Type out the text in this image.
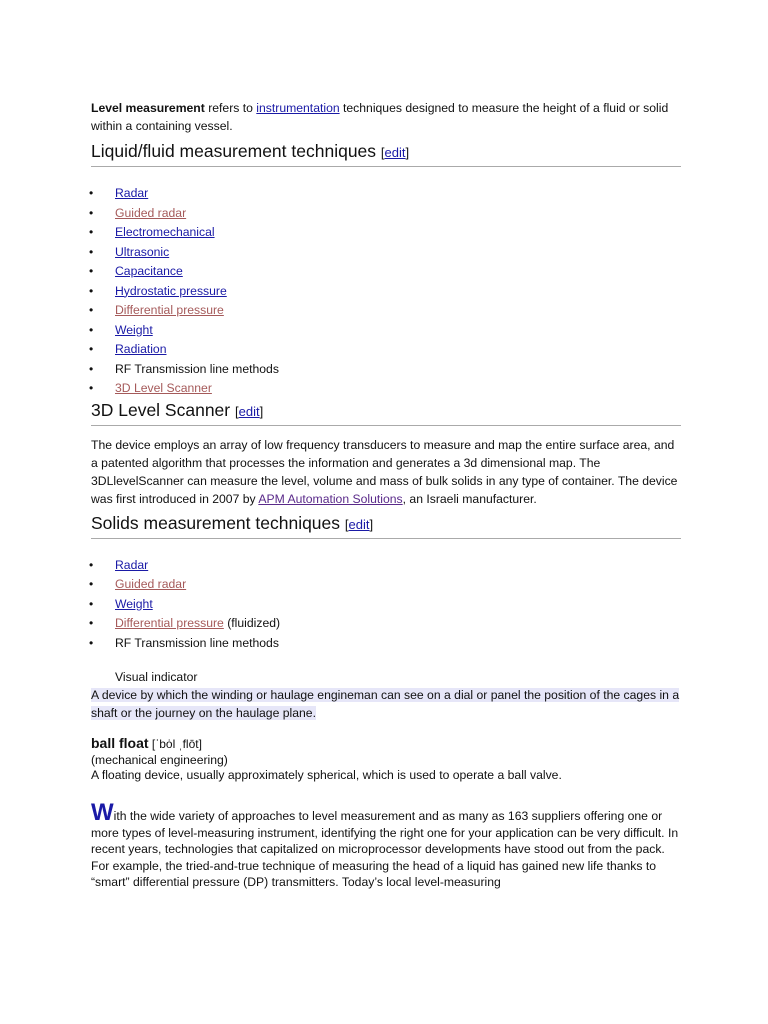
Level measurement refers to instrumentation techniques designed to measure the height of a fluid or solid within a containing vessel.

Liquid/fluid measurement techniques [edit]
• Radar
• Guided radar
• Electromechanical
• Ultrasonic
• Capacitance
• Hydrostatic pressure
• Differential pressure
• Weight
• Radiation
• RF Transmission line methods
• 3D Level Scanner
3D Level Scanner [edit]

The device employs an array of low frequency transducers to measure and map the entire surface area, and a patented algorithm that processes the information and generates a 3d dimensional map. The 3DLlevelScanner can measure the level, volume and mass of bulk solids in any type of container. The device was first introduced in 2007 by APM Automation Solutions, an Israeli manufacturer.

Solids measurement techniques [edit]
• Radar
• Guided radar
• Weight
• Differential pressure (fluidized)
• RF Transmission line methods

Visual indicator

A device by which the winding or haulage engineman can see on a dial or panel the position of the cages in a shaft or the journey on the haulage plane.

ball float [ˈbȯl ˌflōt]

(mechanical engineering)

A floating device, usually approximately spherical, which is used to operate a ball valve.

With the wide variety of approaches to level measurement and as many as 163 suppliers offering one or more types of level-measuring instrument, identifying the right one for your application can be very difficult. In recent years, technologies that capitalized on microprocessor developments have stood out from the pack. For example, the tried-and-true technique of measuring the head of a liquid has gained new life thanks to “smart” differential pressure (DP) transmitters. Today’s local level-measuring
